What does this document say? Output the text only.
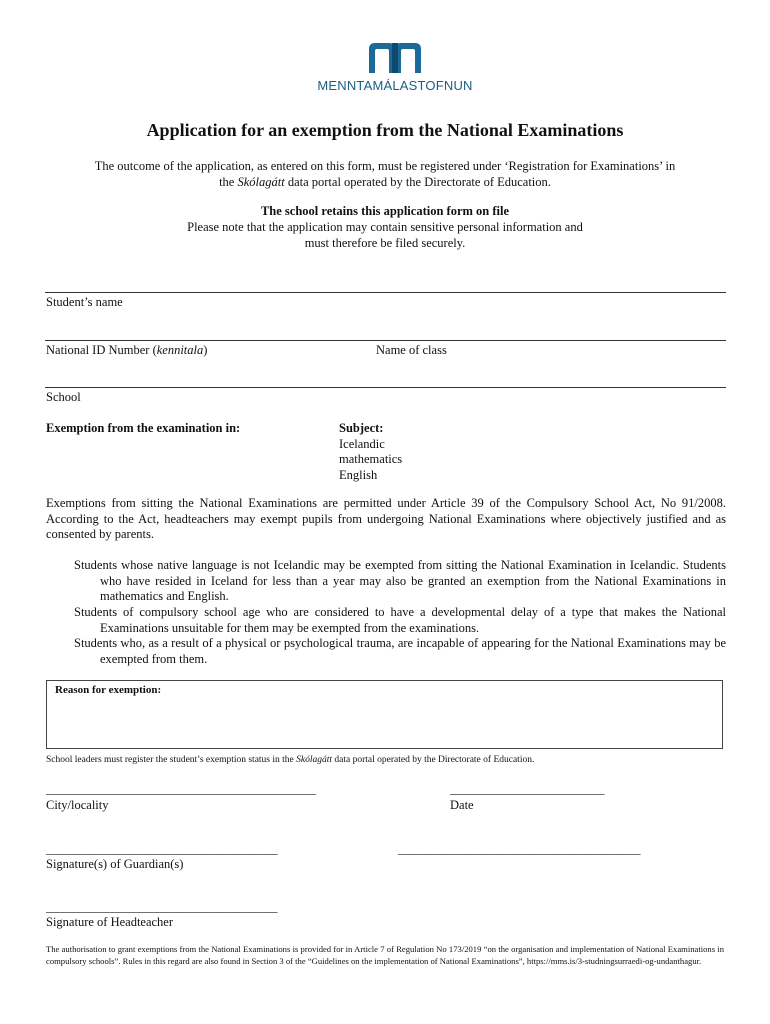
MENNTAMÁLASTOFNUN
Application for an exemption from the National Examinations
The outcome of the application, as entered on this form, must be registered under ‘Registration for Examinations’ in
the Skólagátt data portal operated by the Directorate of Education.
The school retains this application form on file
Please note that the application may contain sensitive personal information and
must therefore be filed securely.
Student’s name
National ID Number (kennitala)	Name of class
School
Exemption from the examination in:	Subject:
Icelandic
mathematics
English
Exemptions from sitting the National Examinations are permitted under Article 39 of the Compulsory School Act, No 91/2008. According to the Act, headteachers may exempt pupils from undergoing National Examinations where objectively justified and as consented by parents.
Students whose native language is not Icelandic may be exempted from sitting the National Examination in Icelandic. Students who have resided in Iceland for less than a year may also be granted an exemption from the National Examinations in mathematics and English.
Students of compulsory school age who are considered to have a developmental delay of a type that makes the National Examinations unsuitable for them may be exempted from the examinations.
Students who, as a result of a physical or psychological trauma, are incapable of appearing for the National Examinations may be exempted from them.
Reason for exemption:
School leaders must register the student’s exemption status in the Skólagátt data portal operated by the Directorate of Education.
_________________________________________________
City/locality
____________________________
Date
__________________________________________	____________________________________________
Signature(s) of Guardian(s)
__________________________________________
Signature of Headteacher
The authorisation to grant exemptions from the National Examinations is provided for in Article 7 of Regulation No 173/2019 “on the organisation and implementation of National Examinations in compulsory schools”. Rules in this regard are also found in Section 3 of the “Guidelines on the implementation of National Examinations”, https://mms.is/3-studningsurraedi-og-undanthagur.
